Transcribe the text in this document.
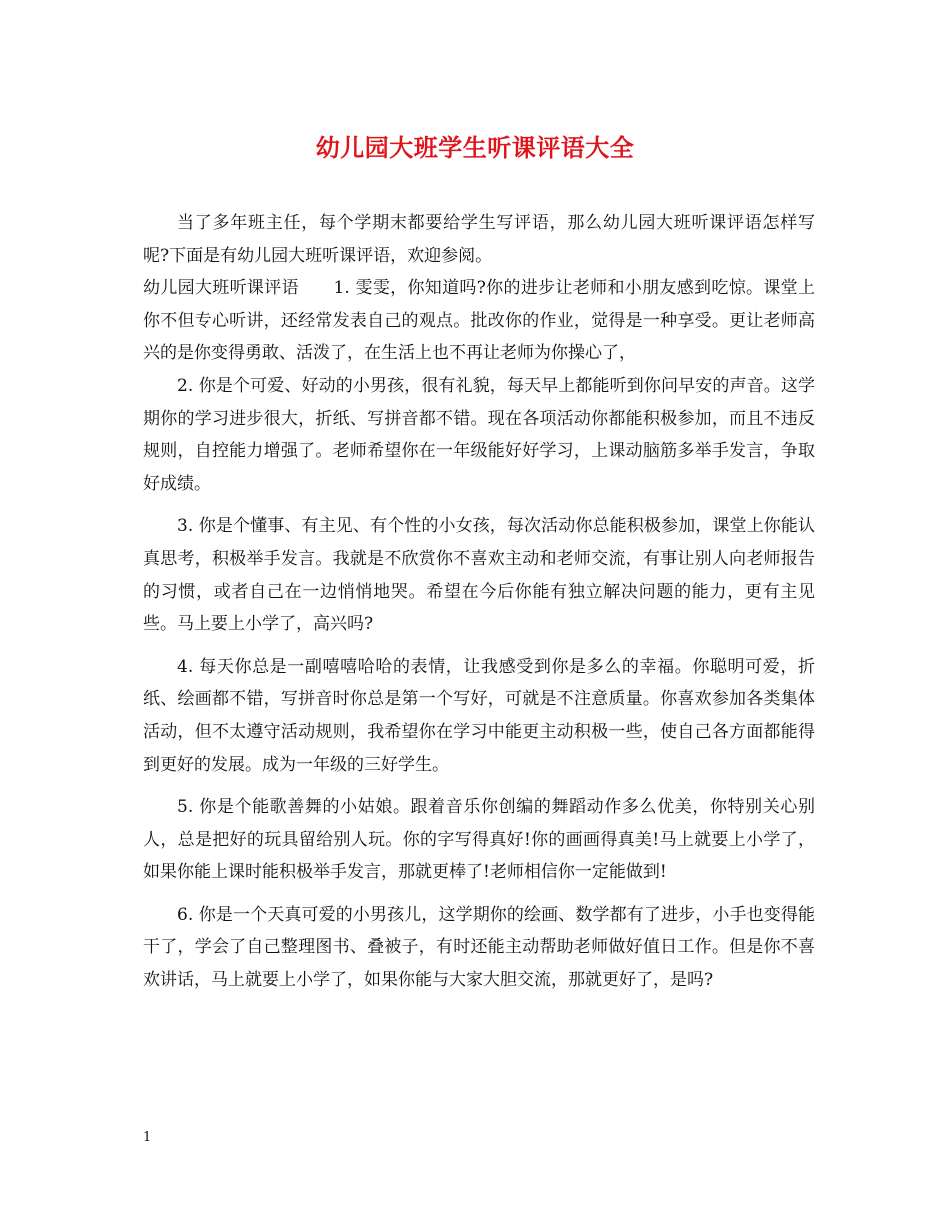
幼儿园大班学生听课评语大全

当了多年班主任，每个学期末都要给学生写评语，那么幼儿园大班听课评语怎样写呢?下面是有幼儿园大班听课评语，欢迎参阅。

幼儿园大班听课评语　　1. 雯雯，你知道吗?你的进步让老师和小朋友感到吃惊。课堂上你不但专心听讲，还经常发表自己的观点。批改你的作业，觉得是一种享受。更让老师高兴的是你变得勇敢、活泼了，在生活上也不再让老师为你操心了，

2. 你是个可爱、好动的小男孩，很有礼貌，每天早上都能听到你问早安的声音。这学期你的学习进步很大，折纸、写拼音都不错。现在各项活动你都能积极参加，而且不违反规则，自控能力增强了。老师希望你在一年级能好好学习，上课动脑筋多举手发言，争取好成绩。

3. 你是个懂事、有主见、有个性的小女孩，每次活动你总能积极参加，课堂上你能认真思考，积极举手发言。我就是不欣赏你不喜欢主动和老师交流，有事让别人向老师报告的习惯，或者自己在一边悄悄地哭。希望在今后你能有独立解决问题的能力，更有主见些。马上要上小学了，高兴吗?

4. 每天你总是一副嘻嘻哈哈的表情，让我感受到你是多么的幸福。你聪明可爱，折纸、绘画都不错，写拼音时你总是第一个写好，可就是不注意质量。你喜欢参加各类集体活动，但不太遵守活动规则，我希望你在学习中能更主动积极一些，使自己各方面都能得到更好的发展。成为一年级的三好学生。

5. 你是个能歌善舞的小姑娘。跟着音乐你创编的舞蹈动作多么优美，你特别关心别人，总是把好的玩具留给别人玩。你的字写得真好!你的画画得真美!马上就要上小学了，如果你能上课时能积极举手发言，那就更棒了!老师相信你一定能做到!

6. 你是一个天真可爱的小男孩儿，这学期你的绘画、数学都有了进步，小手也变得能干了，学会了自己整理图书、叠被子，有时还能主动帮助老师做好值日工作。但是你不喜欢讲话，马上就要上小学了，如果你能与大家大胆交流，那就更好了，是吗?

1
